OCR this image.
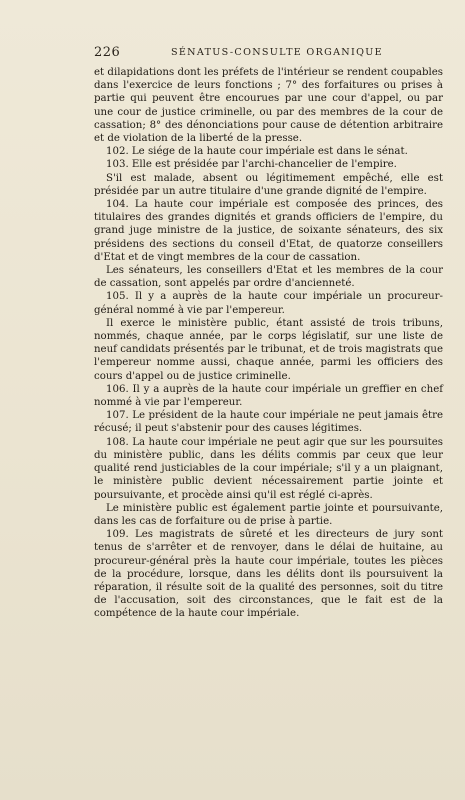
226	SÉNATUS-CONSULTE ORGANIQUE

et dilapidations dont les préfets de l'intérieur se rendent coupables dans l'exercice de leurs fonctions ; 7° des forfaitures ou prises à partie qui peuvent être encourues par une cour d'appel, ou par une cour de justice criminelle, ou par des membres de la cour de cassation; 8° des dénonciations pour cause de détention arbitraire et de violation de la liberté de la presse.

102. Le siége de la haute cour impériale est dans le sénat.

103. Elle est présidée par l'archi-chancelier de l'empire.

S'il est malade, absent ou légitimement empêché, elle est présidée par un autre titulaire d'une grande dignité de l'empire.

104. La haute cour impériale est composée des princes, des titulaires des grandes dignités et grands officiers de l'empire, du grand juge ministre de la justice, de soixante sénateurs, des six présidens des sections du conseil d'Etat, de quatorze conseillers d'Etat et de vingt membres de la cour de cassation.

Les sénateurs, les conseillers d'Etat et les membres de la cour de cassation, sont appelés par ordre d'ancienneté.

105. Il y a auprès de la haute cour impériale un procureur-général nommé à vie par l'empereur.

Il exerce le ministère public, étant assisté de trois tribuns, nommés, chaque année, par le corps législatif, sur une liste de neuf candidats présentés par le tribunat, et de trois magistrats que l'empereur nomme aussi, chaque année, parmi les officiers des cours d'appel ou de justice criminelle.

106. Il y a auprès de la haute cour impériale un greffier en chef nommé à vie par l'empereur.

107. Le président de la haute cour impériale ne peut jamais être récusé; il peut s'abstenir pour des causes légitimes.

108. La haute cour impériale ne peut agir que sur les poursuites du ministère public, dans les délits commis par ceux que leur qualité rend justiciables de la cour impériale; s'il y a un plaignant, le ministère public devient nécessairement partie jointe et poursuivante, et procède ainsi qu'il est réglé ci-après.

Le ministère public est également partie jointe et poursuivante, dans les cas de forfaiture ou de prise à partie.

109. Les magistrats de sûreté et les directeurs de jury sont tenus de s'arrêter et de renvoyer, dans le délai de huitaine, au procureur-général près la haute cour impériale, toutes les pièces de la procédure, lorsque, dans les délits dont ils poursuivent la réparation, il résulte soit de la qualité des personnes, soit du titre de l'accusation, soit des circonstances, que le fait est de la compétence de la haute cour impériale.
